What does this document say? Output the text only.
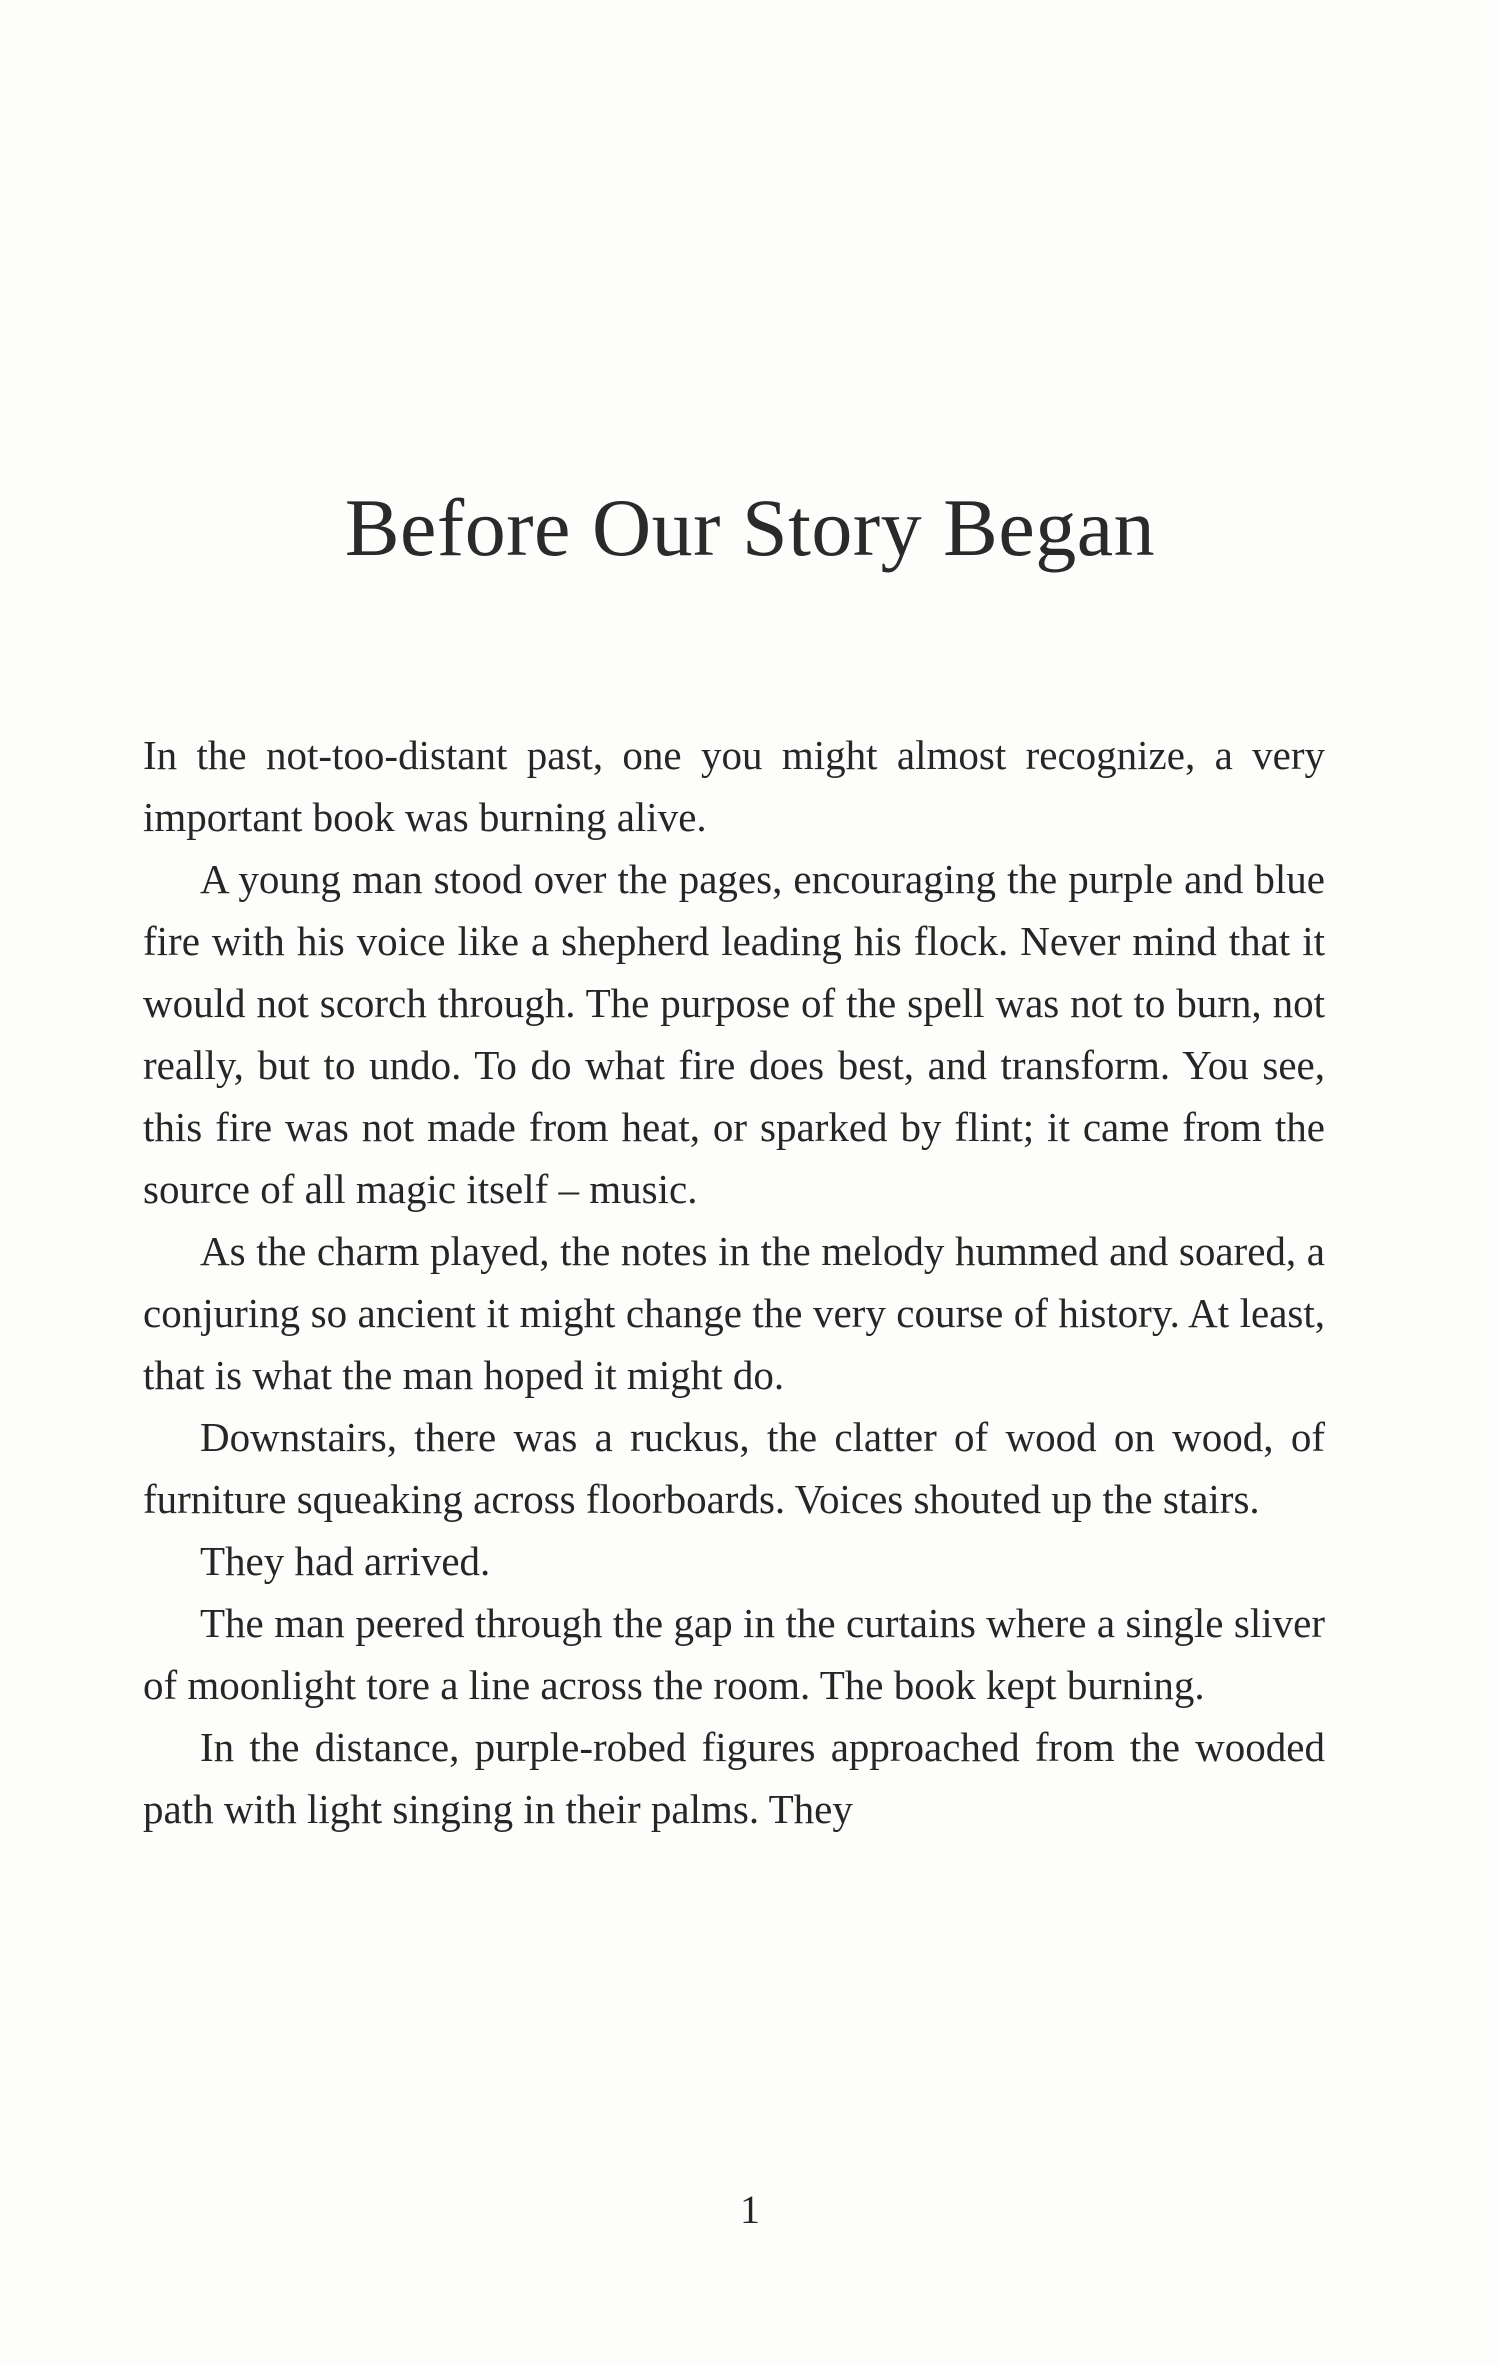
Before Our Story Began

In the not-too-distant past, one you might almost recognize, a very important book was burning alive.

A young man stood over the pages, encouraging the purple and blue fire with his voice like a shepherd leading his flock. Never mind that it would not scorch through. The purpose of the spell was not to burn, not really, but to undo. To do what fire does best, and transform. You see, this fire was not made from heat, or sparked by flint; it came from the source of all magic itself – music.

As the charm played, the notes in the melody hummed and soared, a conjuring so ancient it might change the very course of history. At least, that is what the man hoped it might do.

Downstairs, there was a ruckus, the clatter of wood on wood, of furniture squeaking across floorboards. Voices shouted up the stairs.

They had arrived.

The man peered through the gap in the curtains where a single sliver of moonlight tore a line across the room. The book kept burning.

In the distance, purple-robed figures approached from the wooded path with light singing in their palms. They

1
